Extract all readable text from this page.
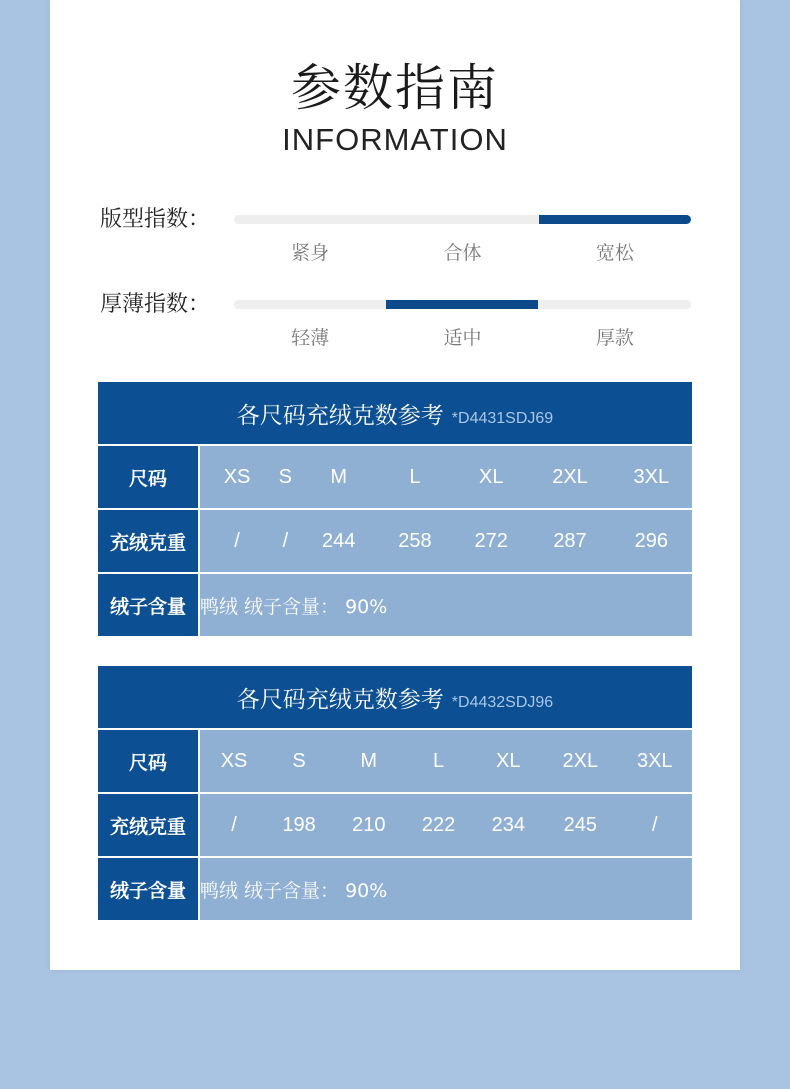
参数指南
INFORMATION
版型指数：
紧身	合体	宽松
厚薄指数：
轻薄	适中	厚款
各尺码充绒克数参考 *D4431SDJ69							
尺码	XS	S	M	L	XL	2XL	3XL
充绒克重	/	/	244	258	272	287	296
绒子含量	鸭绒 绒子含量： 90%						
各尺码充绒克数参考 *D4432SDJ96							
尺码	XS	S	M	L	XL	2XL	3XL
充绒克重	/	198	210	222	234	245	/
绒子含量	鸭绒 绒子含量： 90%						
